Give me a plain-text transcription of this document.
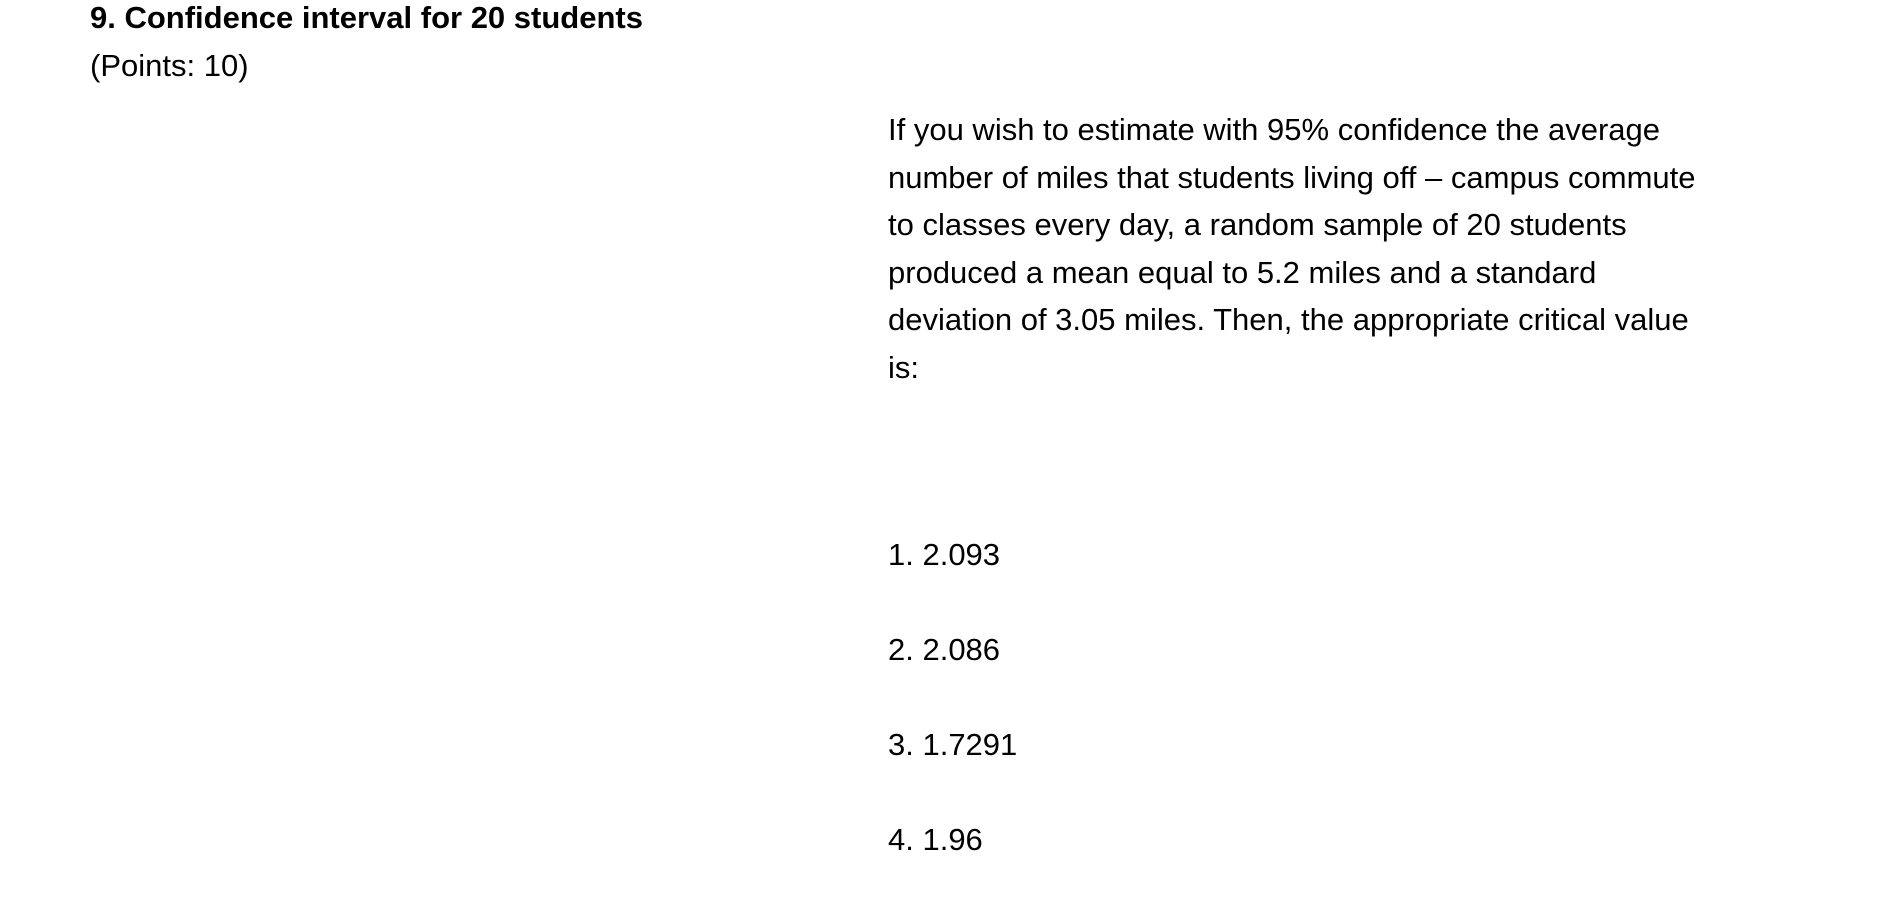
9. Confidence interval for 20 students
(Points: 10)

If you wish to estimate with 95% confidence the average number of miles that students living off – campus commute to classes every day, a random sample of 20 students produced a mean equal to 5.2 miles and a standard deviation of 3.05 miles. Then, the appropriate critical value is:

1. 2.093
2. 2.086
3. 1.7291
4. 1.96
